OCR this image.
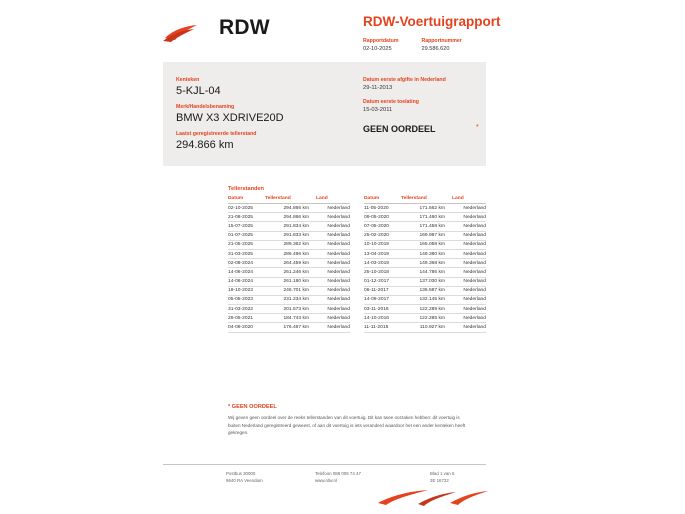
RDW	RDW-Voertuigrapport
Rapportdatum
02-10-2025

Rapportnummer
29.586.620
Kenteken
5-KJL-04
Merk/Handelsbenaming
BMW X3 XDRIVE20D
Laatst geregistreerde tellerstand
294.866 km
Datum eerste afgifte in Nederland
29-11-2013
Datum eerste toelating
15-03-2011
GEEN OORDEEL	*
Tellerstanden
Datum	Tellerstand	Land
02-10-2025	294.866 km	Nederland
21-08-2025	294.866 km	Nederland
15-07-2025	291.834 km	Nederland
01-07-2025	291.833 km	Nederland
21-05-2025	289.362 km	Nederland
31-03-2025	286.496 km	Nederland
02-08-2024	264.459 km	Nederland
14-06-2024	261.246 km	Nederland
14-06-2024	261.180 km	Nederland
18-10-2023	246.701 km	Nederland
05-05-2023	231.234 km	Nederland
31-03-2022	201.573 km	Nederland
26-05-2021	184.743 km	Nederland
04-09-2020	176.467 km	Nederland
Datum	Tellerstand	Land
11-05-2020	171.562 km	Nederland
09-05-2020	171.460 km	Nederland
07-05-2020	171.458 km	Nederland
25-02-2020	169.987 km	Nederland
10-10-2019	165.058 km	Nederland
13-04-2019	149.380 km	Nederland
14-03-2019	149.368 km	Nederland
25-10-2018	144.786 km	Nederland
01-12-2017	137.030 km	Nederland
06-11-2017	136.587 km	Nederland
14-09-2017	132.145 km	Nederland
03-11-2016	122.289 km	Nederland
14-10-2016	122.285 km	Nederland
11-11-2015	110.927 km	Nederland
* GEEN OORDEEL
Wij geven geen oordeel over de reeks tellerstanden van dit voertuig. Dit kan twee oorzaken hebben: dit voertuig is buiten Nederland geregistreerd geweest, of aan dit voertuig is iets veranderd waardoor het een ander kenteken heeft gekregen.
Postbus 30000
9640 RA Veendam
Telefoon 088 008 74 47
www.rdw.nl
Blad 1 van 5
3E 16732
